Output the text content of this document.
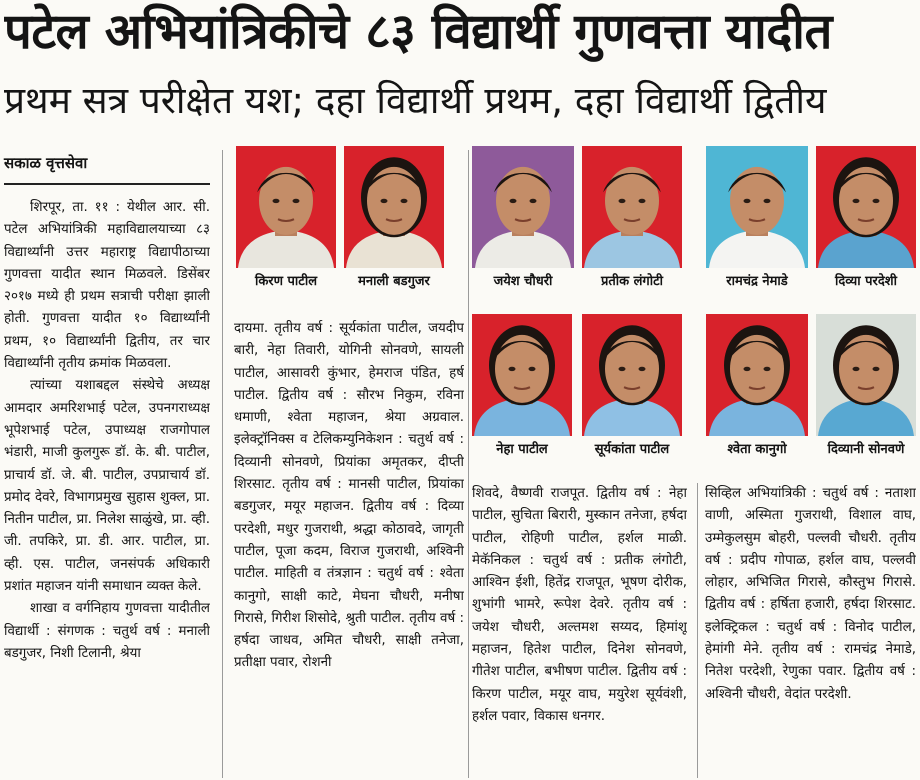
पटेल अभियांत्रिकीचे ८३ विद्यार्थी गुणवत्ता यादीत
प्रथम सत्र परीक्षेत यश; दहा विद्यार्थी प्रथम, दहा विद्यार्थी द्वितीय
सकाळ वृत्तसेवा

शिरपूर, ता. ११ : येथील आर. सी. पटेल अभियांत्रिकी महाविद्यालयाच्या ८३ विद्यार्थ्यांनी उत्तर महाराष्ट्र विद्यापीठाच्या गुणवत्ता यादीत स्थान मिळवले. डिसेंबर २०१७ मध्ये ही प्रथम सत्राची परीक्षा झाली होती. गुणवत्ता यादीत १० विद्यार्थ्यांनी प्रथम, १० विद्यार्थ्यांनी द्वितीय, तर चार विद्यार्थ्यांनी तृतीय क्रमांक मिळवला.

त्यांच्या यशाबद्दल संस्थेचे अध्यक्ष आमदार अमरिशभाई पटेल, उपनगराध्यक्ष भूपेशभाई पटेल, उपाध्यक्ष राजगोपाल भंडारी, माजी कुलगुरू डॉ. के. बी. पाटील, प्राचार्य डॉ. जे. बी. पाटील, उपप्राचार्य डॉ. प्रमोद देवरे, विभागप्रमुख सुहास शुक्ल, प्रा. नितीन पाटील, प्रा. निलेश साळुंखे, प्रा. व्ही. जी. तपकिरे, प्रा. डी. आर. पाटील, प्रा. व्ही. एस. पाटील, जनसंपर्क अधिकारी प्रशांत महाजन यांनी समाधान व्यक्त केले.

शाखा व वर्गनिहाय गुणवत्ता यादीतील विद्यार्थी : संगणक : चतुर्थ वर्ष : मनाली बडगुजर, निशी टिलानी, श्रेया

दायमा. तृतीय वर्ष : सूर्यकांता पाटील, जयदीप बारी, नेहा तिवारी, योगिनी सोनवणे, सायली पाटील, आसावरी कुंभार, हेमराज पंडित, हर्ष पाटील. द्वितीय वर्ष : सौरभ निकुम, रविना धमाणी, श्वेता महाजन, श्रेया अग्रवाल. इलेक्ट्रॉनिक्स व टेलिकम्युनिकेशन : चतुर्थ वर्ष : दिव्यानी सोनवणे, प्रियांका अमृतकर, दीप्ती शिरसाट. तृतीय वर्ष : मानसी पाटील, प्रियांका बडगुजर, मयूर महाजन. द्वितीय वर्ष : दिव्या परदेशी, मधुर गुजराथी, श्रद्धा कोठावदे, जागृती पाटील, पूजा कदम, विराज गुजराथी, अश्विनी पाटील. माहिती व तंत्रज्ञान : चतुर्थ वर्ष : श्वेता कानुगो, साक्षी काटे, मेघना चौधरी, मनीषा गिरासे, गिरीश शिसोदे, श्रुती पाटील. तृतीय वर्ष : हर्षदा जाधव, अमित चौधरी, साक्षी तनेजा, प्रतीक्षा पवार, रोशनी

शिवदे, वैष्णवी राजपूत. द्वितीय वर्ष : नेहा पाटील, सुचिता बिरारी, मुस्कान तनेजा, हर्षदा पाटील, रोहिणी पाटील, हर्शल माळी. मेकॅनिकल : चतुर्थ वर्ष : प्रतीक लंगोटी, आश्विन ईशी, हितेंद्र राजपूत, भूषण दोरीक, शुभांगी भामरे, रूपेश देवरे. तृतीय वर्ष : जयेश चौधरी, अल्तमश सय्यद, हिमांशू महाजन, हितेश पाटील, दिनेश सोनवणे, गीतेश पाटील, बभीषण पाटील. द्वितीय वर्ष : किरण पाटील, मयूर वाघ, मयुरेश सूर्यवंशी, हर्शल पवार, विकास धनगर.

सिव्हिल अभियांत्रिकी : चतुर्थ वर्ष : नताशा वाणी, अस्मिता गुजराथी, विशाल वाघ, उम्मेकुलसुम बोहरी, पल्लवी चौधरी. तृतीय वर्ष : प्रदीप गोपाळ, हर्शल वाघ, पल्लवी लोहार, अभिजित गिरासे, कौस्तुभ गिरासे. द्वितीय वर्ष : हर्षिता हजारी, हर्षदा शिरसाट. इलेक्ट्रिकल : चतुर्थ वर्ष : विनोद पाटील, हेमांगी मेने. तृतीय वर्ष : रामचंद्र नेमाडे, नितेश परदेशी, रेणुका पवार. द्वितीय वर्ष : अश्विनी चौधरी, वेदांत परदेशी.

किरण पाटील	मनाली बडगुजर	जयेश चौधरी	प्रतीक लंगोटी	रामचंद्र नेमाडे	दिव्या परदेशी
नेहा पाटील	सूर्यकांता पाटील	श्वेता कानुगो	दिव्यानी सोनवणे
